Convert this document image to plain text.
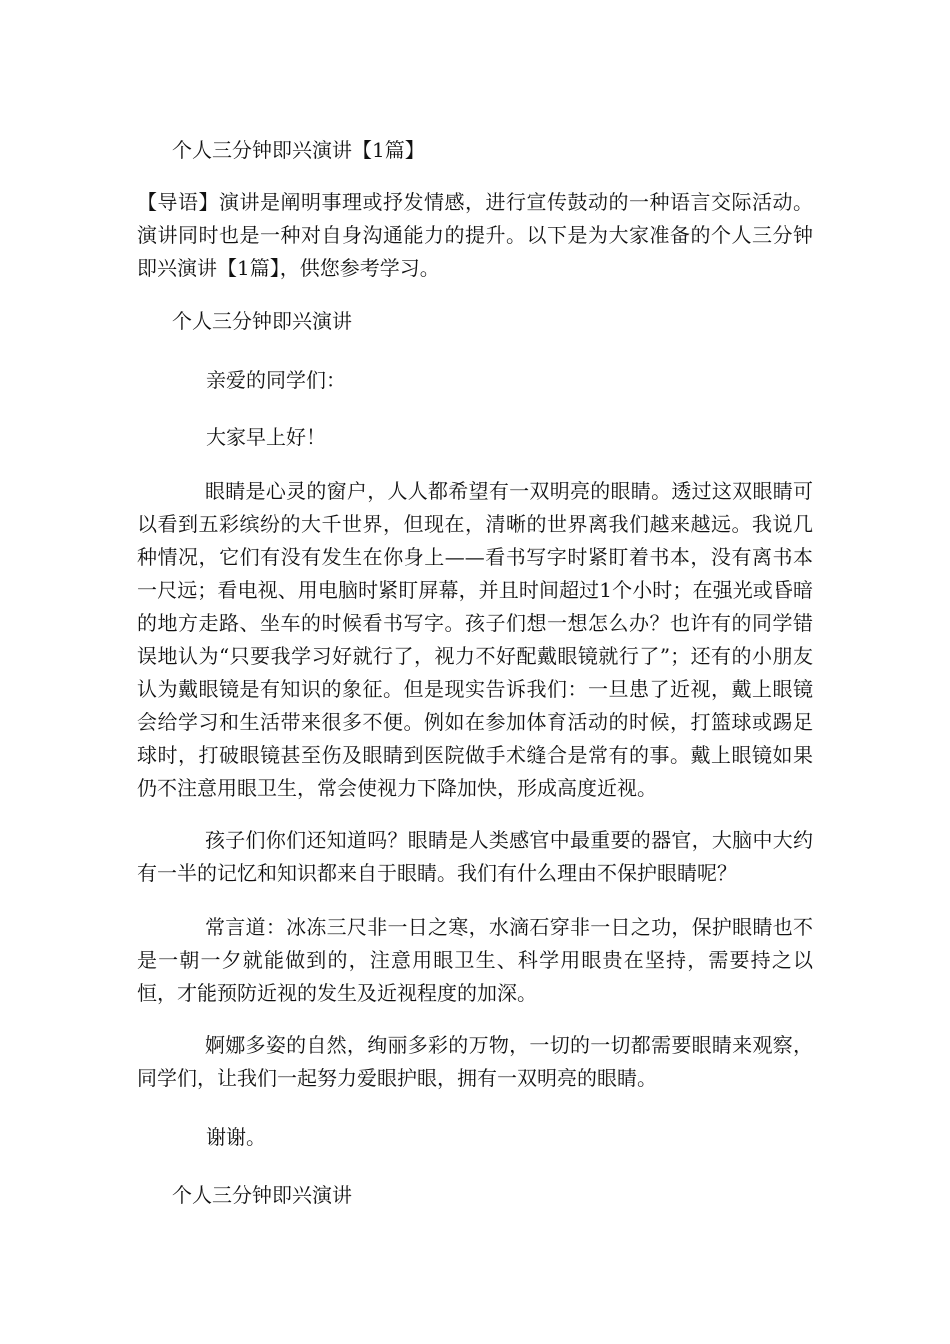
个人三分钟即兴演讲【1篇】
【导语】演讲是阐明事理或抒发情感，进行宣传鼓动的一种语言交际活动。演讲同时也是一种对自身沟通能力的提升。以下是为大家准备的个人三分钟即兴演讲【1篇】，供您参考学习。
个人三分钟即兴演讲
亲爱的同学们：
大家早上好！
眼睛是心灵的窗户，人人都希望有一双明亮的眼睛。透过这双眼睛可以看到五彩缤纷的大千世界，但现在，清晰的世界离我们越来越远。我说几种情况，它们有没有发生在你身上——看书写字时紧盯着书本，没有离书本一尺远；看电视、用电脑时紧盯屏幕，并且时间超过1个小时；在强光或昏暗的地方走路、坐车的时候看书写字。孩子们想一想怎么办？也许有的同学错误地认为“只要我学习好就行了，视力不好配戴眼镜就行了”；还有的小朋友认为戴眼镜是有知识的象征。但是现实告诉我们：一旦患了近视，戴上眼镜会给学习和生活带来很多不便。例如在参加体育活动的时候，打篮球或踢足球时，打破眼镜甚至伤及眼睛到医院做手术缝合是常有的事。戴上眼镜如果仍不注意用眼卫生，常会使视力下降加快，形成高度近视。
孩子们你们还知道吗？眼睛是人类感官中最重要的器官，大脑中大约有一半的记忆和知识都来自于眼睛。我们有什么理由不保护眼睛呢？
常言道：冰冻三尺非一日之寒，水滴石穿非一日之功，保护眼睛也不是一朝一夕就能做到的，注意用眼卫生、科学用眼贵在坚持，需要持之以恒，才能预防近视的发生及近视程度的加深。
婀娜多姿的自然，绚丽多彩的万物，一切的一切都需要眼睛来观察，同学们，让我们一起努力爱眼护眼，拥有一双明亮的眼睛。
谢谢。
个人三分钟即兴演讲
